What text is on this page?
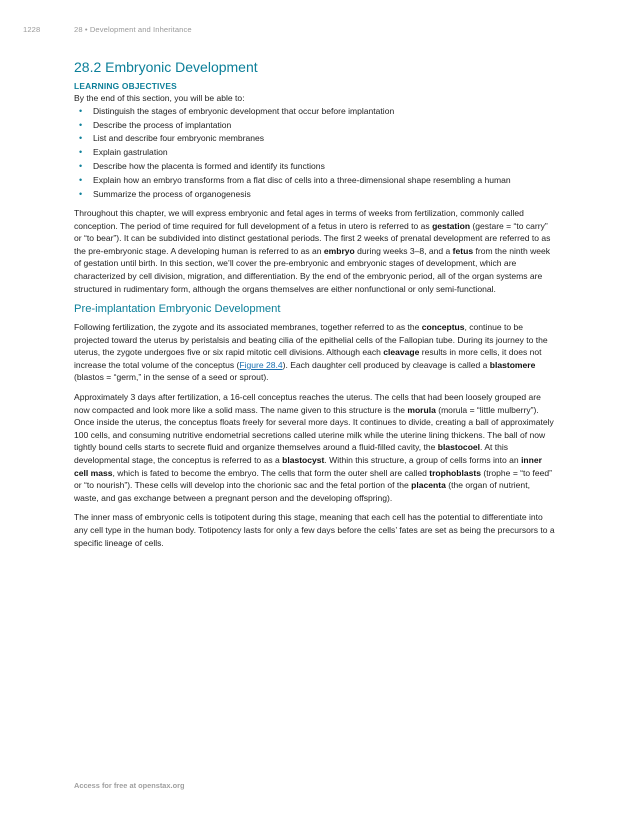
1228	28 • Development and Inheritance
28.2 Embryonic Development
LEARNING OBJECTIVES
By the end of this section, you will be able to:
• Distinguish the stages of embryonic development that occur before implantation
• Describe the process of implantation
• List and describe four embryonic membranes
• Explain gastrulation
• Describe how the placenta is formed and identify its functions
• Explain how an embryo transforms from a flat disc of cells into a three-dimensional shape resembling a human
• Summarize the process of organogenesis

Throughout this chapter, we will express embryonic and fetal ages in terms of weeks from fertilization, commonly called conception. The period of time required for full development of a fetus in utero is referred to as gestation (gestare = “to carry” or “to bear”). It can be subdivided into distinct gestational periods. The first 2 weeks of prenatal development are referred to as the pre-embryonic stage. A developing human is referred to as an embryo during weeks 3–8, and a fetus from the ninth week of gestation until birth. In this section, we’ll cover the pre-embryonic and embryonic stages of development, which are characterized by cell division, migration, and differentiation. By the end of the embryonic period, all of the organ systems are structured in rudimentary form, although the organs themselves are either nonfunctional or only semi-functional.

Pre-implantation Embryonic Development

Following fertilization, the zygote and its associated membranes, together referred to as the conceptus, continue to be projected toward the uterus by peristalsis and beating cilia of the epithelial cells of the Fallopian tube. During its journey to the uterus, the zygote undergoes five or six rapid mitotic cell divisions. Although each cleavage results in more cells, it does not increase the total volume of the conceptus (Figure 28.4). Each daughter cell produced by cleavage is called a blastomere (blastos = “germ,” in the sense of a seed or sprout).

Approximately 3 days after fertilization, a 16-cell conceptus reaches the uterus. The cells that had been loosely grouped are now compacted and look more like a solid mass. The name given to this structure is the morula (morula = “little mulberry”). Once inside the uterus, the conceptus floats freely for several more days. It continues to divide, creating a ball of approximately 100 cells, and consuming nutritive endometrial secretions called uterine milk while the uterine lining thickens. The ball of now tightly bound cells starts to secrete fluid and organize themselves around a fluid-filled cavity, the blastocoel. At this developmental stage, the conceptus is referred to as a blastocyst. Within this structure, a group of cells forms into an inner cell mass, which is fated to become the embryo. The cells that form the outer shell are called trophoblasts (trophe = “to feed” or “to nourish”). These cells will develop into the chorionic sac and the fetal portion of the placenta (the organ of nutrient, waste, and gas exchange between a pregnant person and the developing offspring).

The inner mass of embryonic cells is totipotent during this stage, meaning that each cell has the potential to differentiate into any cell type in the human body. Totipotency lasts for only a few days before the cells’ fates are set as being the precursors to a specific lineage of cells.

Access for free at openstax.org
